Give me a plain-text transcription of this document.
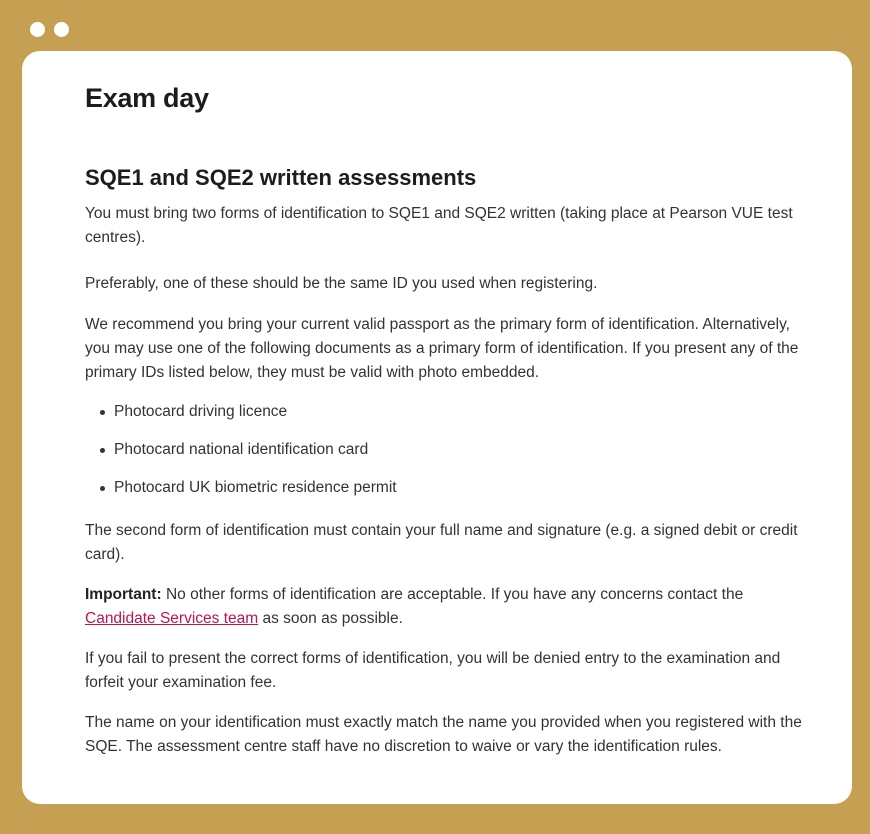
Exam day
SQE1 and SQE2 written assessments

You must bring two forms of identification to SQE1 and SQE2 written (taking place at Pearson VUE test centres).

Preferably, one of these should be the same ID you used when registering.

We recommend you bring your current valid passport as the primary form of identification. Alternatively, you may use one of the following documents as a primary form of identification. If you present any of the primary IDs listed below, they must be valid with photo embedded.

Photocard driving licence
Photocard national identification card
Photocard UK biometric residence permit

The second form of identification must contain your full name and signature (e.g. a signed debit or credit card).

Important: No other forms of identification are acceptable. If you have any concerns contact the Candidate Services team as soon as possible.

If you fail to present the correct forms of identification, you will be denied entry to the examination and forfeit your examination fee.

The name on your identification must exactly match the name you provided when you registered with the SQE. The assessment centre staff have no discretion to waive or vary the identification rules.
